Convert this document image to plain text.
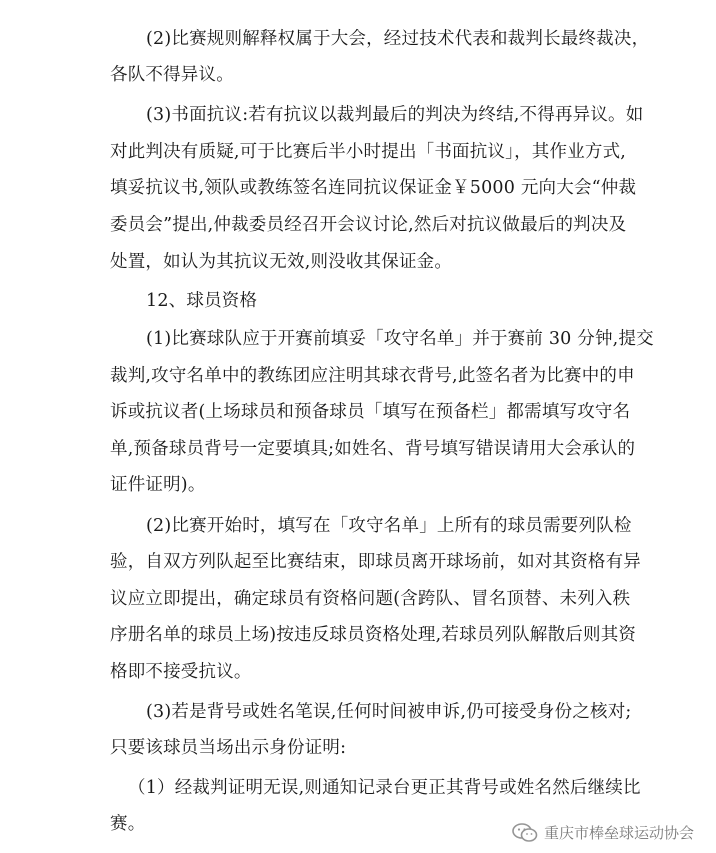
(2)比赛规则解释权属于大会，经过技术代表和裁判长最终裁决，
各队不得异议。
(3)书面抗议:若有抗议以裁判最后的判决为终结,不得再异议。如
对此判决有质疑,可于比赛后半小时提出「书面抗议」，其作业方式,
填妥抗议书,领队或教练签名连同抗议保证金￥5000 元向大会“仲裁
委员会”提出,仲裁委员经召开会议讨论,然后对抗议做最后的判决及
处置，如认为其抗议无效,则没收其保证金。
12、球员资格
(1)比赛球队应于开赛前填妥「攻守名单」并于赛前 30 分钟,提交
裁判,攻守名单中的教练团应注明其球衣背号,此签名者为比赛中的申
诉或抗议者(上场球员和预备球员「填写在预备栏」都需填写攻守名
单,预备球员背号一定要填具;如姓名、背号填写错误请用大会承认的
证件证明)。
(2)比赛开始时，填写在「攻守名单」上所有的球员需要列队检
验，自双方列队起至比赛结束，即球员离开球场前，如对其资格有异
议应立即提出，确定球员有资格问题(含跨队、冒名顶替、未列入秩
序册名单的球员上场)按违反球员资格处理,若球员列队解散后则其资
格即不接受抗议。
(3)若是背号或姓名笔误,任何时间被申诉,仍可接受身份之核对;
只要该球员当场出示身份证明:
（1）经裁判证明无误,则通知记录台更正其背号或姓名然后继续比
赛。	重庆市棒垒球运动协会
